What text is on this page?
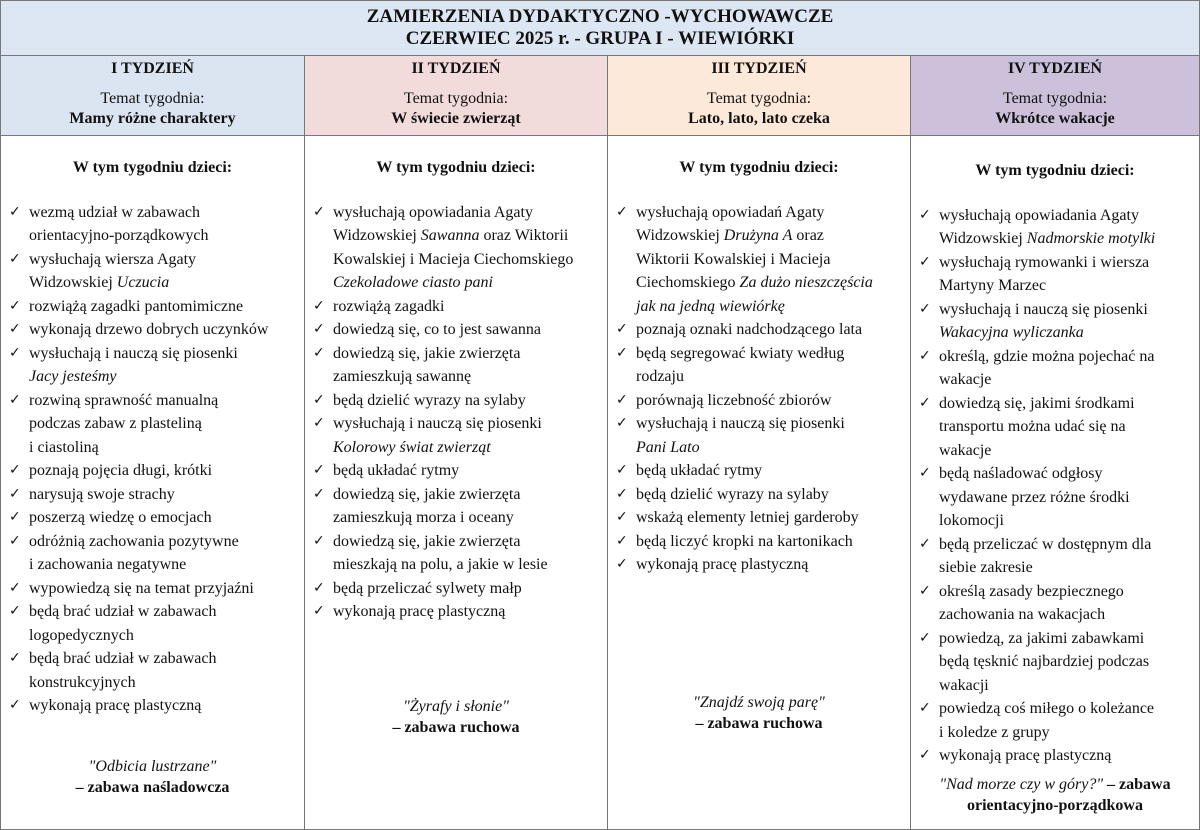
ZAMIERZENIA DYDAKTYCZNO -WYCHOWAWCZE
CZERWIEC 2025 r. - GRUPA I - WIEWIÓRKI
I TYDZIEŃ
Temat tygodnia:
Mamy różne charaktery
W tym tygodniu dzieci:
✓ wezmą udział w zabawach
orientacyjno-porządkowych
✓ wysłuchają wiersza Agaty
Widzowskiej Uczucia
✓ rozwiążą zagadki pantomimiczne
✓ wykonają drzewo dobrych uczynków
✓ wysłuchają i nauczą się piosenki
Jacy jesteśmy
✓ rozwiną sprawność manualną
podczas zabaw z plasteliną
i ciastoliną
✓ poznają pojęcia długi, krótki
✓ narysują swoje strachy
✓ poszerzą wiedzę o emocjach
✓ odróżnią zachowania pozytywne
i zachowania negatywne
✓ wypowiedzą się na temat przyjaźni
✓ będą brać udział w zabawach
logopedycznych
✓ będą brać udział w zabawach
konstrukcyjnych
✓ wykonają pracę plastyczną
"Odbicia lustrzane"
– zabawa naśladowcza
II TYDZIEŃ
Temat tygodnia:
W świecie zwierząt
W tym tygodniu dzieci:
✓ wysłuchają opowiadania Agaty
Widzowskiej Sawanna oraz Wiktorii
Kowalskiej i Macieja Ciechomskiego
Czekoladowe ciasto pani
✓ rozwiążą zagadki
✓ dowiedzą się, co to jest sawanna
✓ dowiedzą się, jakie zwierzęta
zamieszkują sawannę
✓ będą dzielić wyrazy na sylaby
✓ wysłuchają i nauczą się piosenki
Kolorowy świat zwierząt
✓ będą układać rytmy
✓ dowiedzą się, jakie zwierzęta
zamieszkują morza i oceany
✓ dowiedzą się, jakie zwierzęta
mieszkają na polu, a jakie w lesie
✓ będą przeliczać sylwety małp
✓ wykonają pracę plastyczną
"Żyrafy i słonie"
– zabawa ruchowa
III TYDZIEŃ
Temat tygodnia:
Lato, lato, lato czeka
W tym tygodniu dzieci:
✓ wysłuchają opowiadań Agaty
Widzowskiej Drużyna A oraz
Wiktorii Kowalskiej i Macieja
Ciechomskiego Za dużo nieszczęścia
jak na jedną wiewiórkę
✓ poznają oznaki nadchodzącego lata
✓ będą segregować kwiaty według
rodzaju
✓ porównają liczebność zbiorów
✓ wysłuchają i nauczą się piosenki
Pani Lato
✓ będą układać rytmy
✓ będą dzielić wyrazy na sylaby
✓ wskażą elementy letniej garderoby
✓ będą liczyć kropki na kartonikach
✓ wykonają pracę plastyczną
"Znajdź swoją parę"
– zabawa ruchowa
IV TYDZIEŃ
Temat tygodnia:
Wkrótce wakacje
W tym tygodniu dzieci:
✓ wysłuchają opowiadania Agaty
Widzowskiej Nadmorskie motylki
✓ wysłuchają rymowanki i wiersza
Martyny Marzec
✓ wysłuchają i nauczą się piosenki
Wakacyjna wyliczanka
✓ określą, gdzie można pojechać na
wakacje
✓ dowiedzą się, jakimi środkami
transportu można udać się na
wakacje
✓ będą naśladować odgłosy
wydawane przez różne środki
lokomocji
✓ będą przeliczać w dostępnym dla
siebie zakresie
✓ określą zasady bezpiecznego
zachowania na wakacjach
✓ powiedzą, za jakimi zabawkami
będą tęsknić najbardziej podczas
wakacji
✓ powiedzą coś miłego o koleżance
i koledze z grupy
✓ wykonają pracę plastyczną
"Nad morze czy w góry?" – zabawa orientacyjno-porządkowa
